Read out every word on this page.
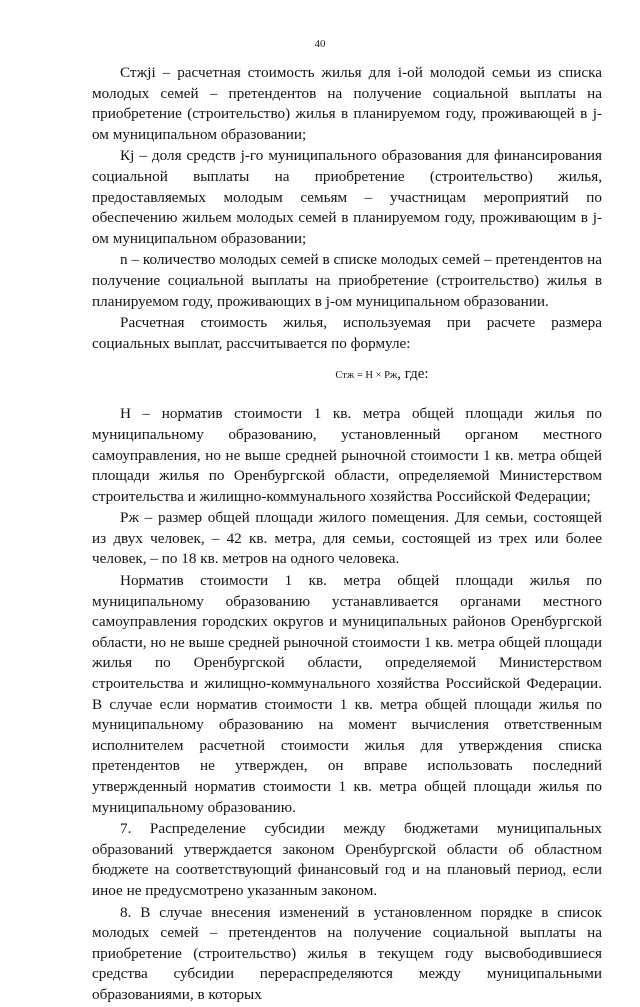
40

Стжji – расчетная стоимость жилья для i-ой молодой семьи из списка молодых семей – претендентов на получение социальной выплаты на приобретение (строительство) жилья в планируемом году, проживающей в j-ом муниципальном образовании;

Кj – доля средств j-го муниципального образования для финансирования социальной выплаты на приобретение (строительство) жилья, предоставляемых молодым семьям – участницам мероприятий по обеспечению жильем молодых семей в планируемом году, проживающим в j-ом муниципальном образовании;

n – количество молодых семей в списке молодых семей – претендентов на получение социальной выплаты на приобретение (строительство) жилья в планируемом году, проживающих в j-ом муниципальном образовании.

Расчетная стоимость жилья, используемая при расчете размера социальных выплат, рассчитывается по формуле:

Стж = Н × Рж, где:

Н – норматив стоимости 1 кв. метра общей площади жилья по муниципальному образованию, установленный органом местного самоуправления, но не выше средней рыночной стоимости 1 кв. метра общей площади жилья по Оренбургской области, определяемой Министерством строительства и жилищно-коммунального хозяйства Российской Федерации;

Рж – размер общей площади жилого помещения. Для семьи, состоящей из двух человек, – 42 кв. метра, для семьи, состоящей из трех или более человек, – по 18 кв. метров на одного человека.

Норматив стоимости 1 кв. метра общей площади жилья по муниципальному образованию устанавливается органами местного самоуправления городских округов и муниципальных районов Оренбургской области, но не выше средней рыночной стоимости 1 кв. метра общей площади жилья по Оренбургской области, определяемой Министерством строительства и жилищно-коммунального хозяйства Российской Федерации. В случае если норматив стоимости 1 кв. метра общей площади жилья по муниципальному образованию на момент вычисления ответственным исполнителем расчетной стоимости жилья для утверждения списка претендентов не утвержден, он вправе использовать последний утвержденный норматив стоимости 1 кв. метра общей площади жилья по муниципальному образованию.

7. Распределение субсидии между бюджетами муниципальных образований утверждается законом Оренбургской области об областном бюджете на соответствующий финансовый год и на плановый период, если иное не предусмотрено указанным законом.

8. В случае внесения изменений в установленном порядке в список молодых семей – претендентов на получение социальной выплаты на приобретение (строительство) жилья в текущем году высвободившиеся средства субсидии перераспределяются между муниципальными образованиями, в которых
